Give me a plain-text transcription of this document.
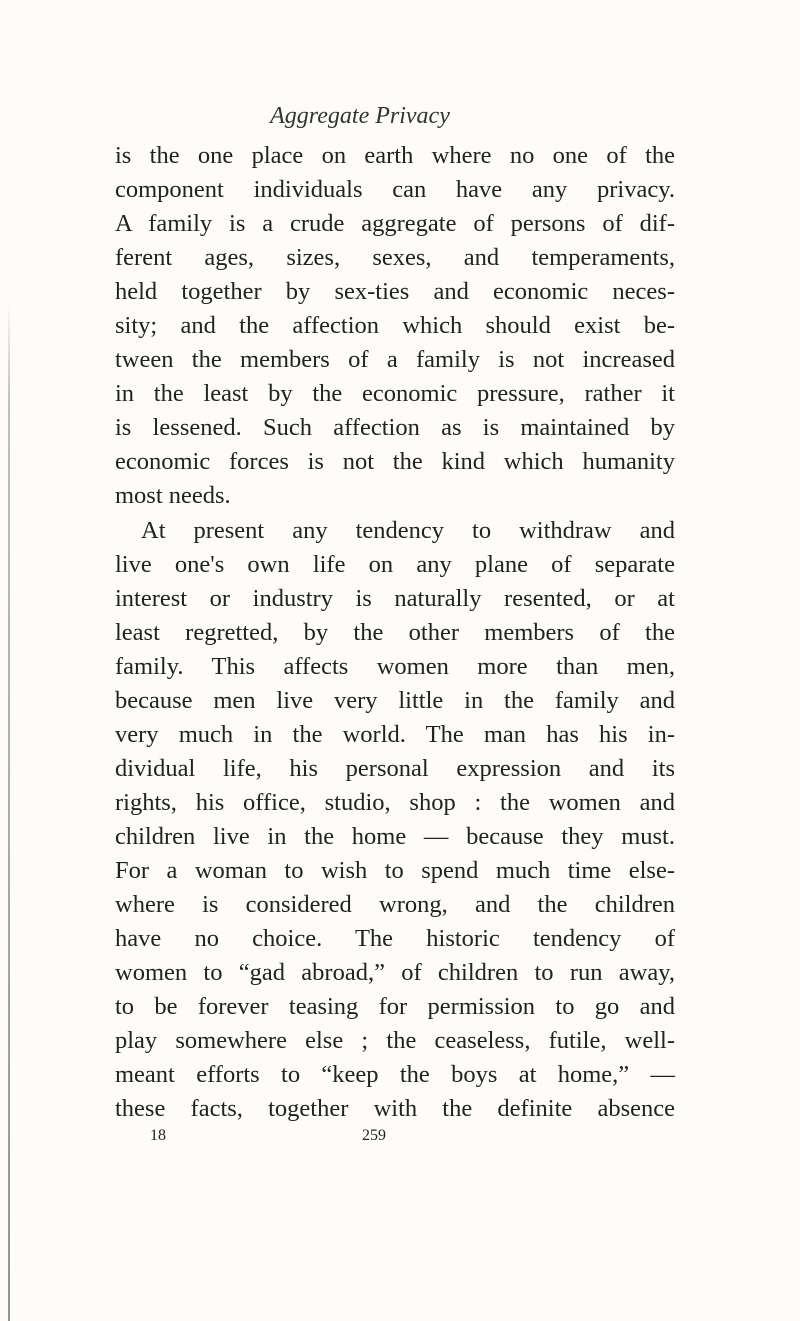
Aggregate Privacy
is the one place on earth where no one of the
component individuals can have any privacy.
A family is a crude aggregate of persons of dif-
ferent ages, sizes, sexes, and temperaments,
held together by sex-ties and economic neces-
sity; and the affection which should exist be-
tween the members of a family is not increased
in the least by the economic pressure, rather it
is lessened. Such affection as is maintained by
economic forces is not the kind which humanity
most needs.
At present any tendency to withdraw and
live one's own life on any plane of separate
interest or industry is naturally resented, or at
least regretted, by the other members of the
family. This affects women more than men,
because men live very little in the family and
very much in the world. The man has his in-
dividual life, his personal expression and its
rights, his office, studio, shop : the women and
children live in the home — because they must.
For a woman to wish to spend much time else-
where is considered wrong, and the children
have no choice. The historic tendency of
women to “gad abroad,” of children to run away,
to be forever teasing for permission to go and
play somewhere else ; the ceaseless, futile, well-
meant efforts to “keep the boys at home,” —
these facts, together with the definite absence
18	259
